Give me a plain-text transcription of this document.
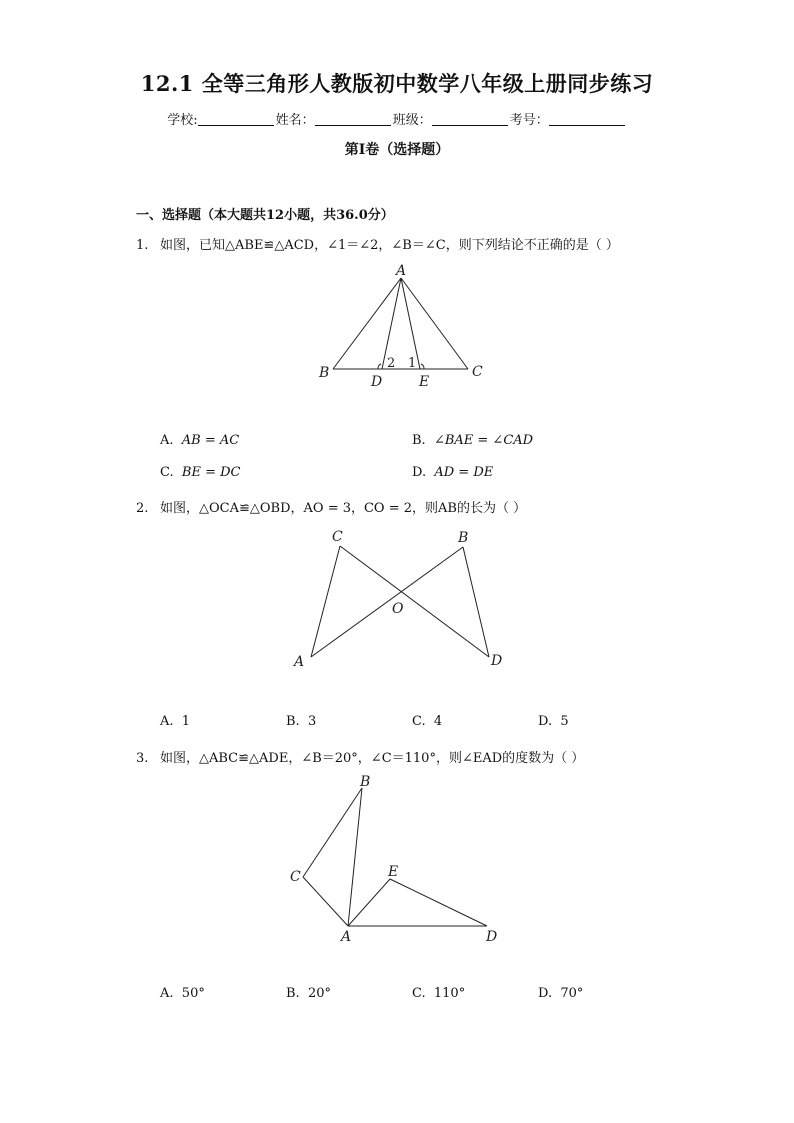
12.1 全等三角形人教版初中数学八年级上册同步练习
学校:	姓名：	班级：	考号：
第I卷（选择题）
一、选择题（本大题共12小题，共36.0分）
1. 如图，已知△ABE≌△ACD，∠1＝∠2，∠B＝∠C，则下列结论不正确的是（ ）
A
B	C
D	E
1
2
A. AB = AC	B. ∠BAE = ∠CAD
C. BE = DC	D. AD = DE
2. 如图，△OCA≌△OBD，AO = 3，CO = 2，则AB的长为（ ）
C	B
O
A	D
A. 1	B. 3	C. 4	D. 5
3. 如图，△ABC≌△ADE，∠B＝20°，∠C＝110°，则∠EAD的度数为（ ）
B
C	E
A	D
A. 50°	B. 20°	C. 110°	D. 70°
